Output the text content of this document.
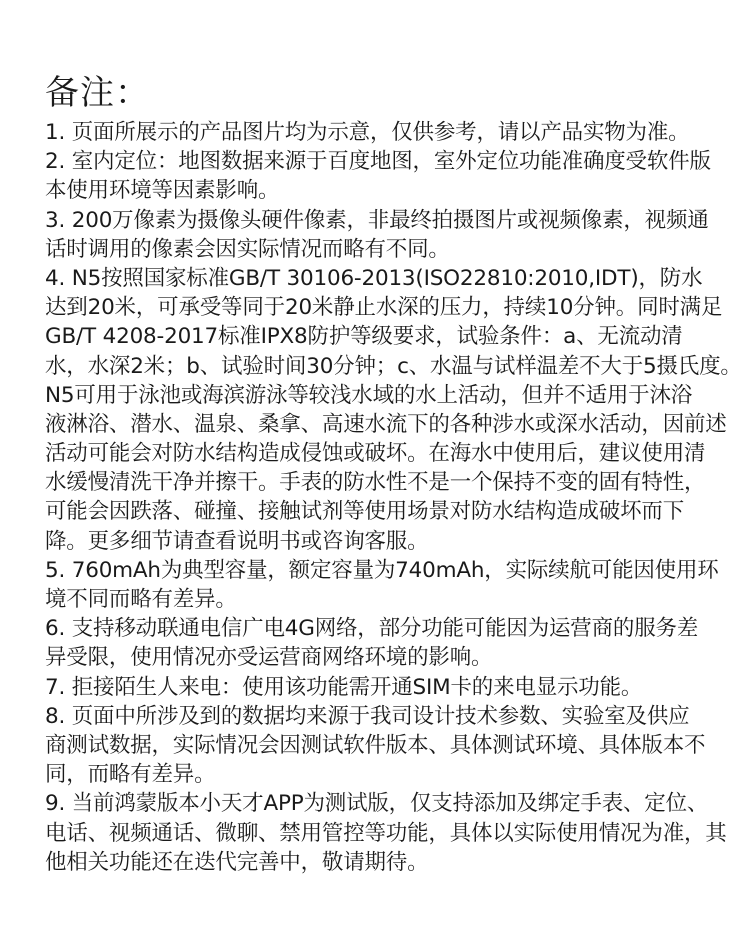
备注：
1. 页面所展示的产品图片均为示意，仅供参考，请以产品实物为准。
2. 室内定位：地图数据来源于百度地图，室外定位功能准确度受软件版
本使用环境等因素影响。
3. 200万像素为摄像头硬件像素，非最终拍摄图片或视频像素，视频通
话时调用的像素会因实际情况而略有不同。
4. N5按照国家标准GB/T 30106-2013(ISO22810:2010,IDT)，防水
达到20米，可承受等同于20米静止水深的压力，持续10分钟。同时满足
GB/T 4208-2017标准IPX8防护等级要求，试验条件：a、无流动清
水，水深2米；b、试验时间30分钟；c、水温与试样温差不大于5摄氏度。
N5可用于泳池或海滨游泳等较浅水域的水上活动，但并不适用于沐浴
液淋浴、潜水、温泉、桑拿、高速水流下的各种涉水或深水活动，因前述
活动可能会对防水结构造成侵蚀或破坏。在海水中使用后，建议使用清
水缓慢清洗干净并擦干。手表的防水性不是一个保持不变的固有特性，
可能会因跌落、碰撞、接触试剂等使用场景对防水结构造成破坏而下
降。更多细节请查看说明书或咨询客服。
5. 760mAh为典型容量，额定容量为740mAh，实际续航可能因使用环
境不同而略有差异。
6. 支持移动联通电信广电4G网络，部分功能可能因为运营商的服务差
异受限，使用情况亦受运营商网络环境的影响。
7. 拒接陌生人来电：使用该功能需开通SIM卡的来电显示功能。
8. 页面中所涉及到的数据均来源于我司设计技术参数、实验室及供应
商测试数据，实际情况会因测试软件版本、具体测试环境、具体版本不
同，而略有差异。
9. 当前鸿蒙版本小天才APP为测试版，仅支持添加及绑定手表、定位、
电话、视频通话、微聊、禁用管控等功能，具体以实际使用情况为准，其
他相关功能还在迭代完善中，敬请期待。
